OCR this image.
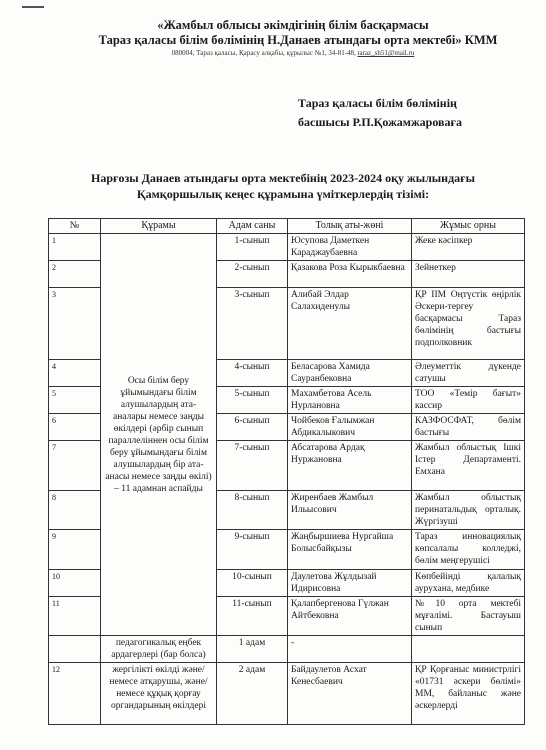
«Жамбыл облысы әкімдігінің білім басқармасы
Тараз қаласы білім бөлімінің Н.Данаев атындағы орта мектебі» КММ
080004, Тараз қаласы, Қарасу алқабы, құрылыс №1, 34-81-48, taraz_sh51@mail.ru
Тараз қаласы білім бөлімінің
басшысы Р.П.Қожамжароваға
Нарғозы Данаев атындағы орта мектебінің 2023-2024 оқу жылындағы
Қамқоршылық кеңес құрамына үміткерлердің тізімі:
№	Құрамы	Адам саны	Толық аты-жөні	Жұмыс орны
1	Осы білім беру ұйымындағы білім алушылардың ата-аналары немесе заңды өкілдері (әрбір сынып параллеліннен осы білім беру ұйымындағы білім алушылардың бір ата-анасы немесе заңды өкілі) – 11 адамнан аспайды	1-сынып	Юсупова Даметкен Караджаубаевна	Жеке кәсіпкер
2		2-сынып	Қазакова Роза Кырыкбаевна	Зейнеткер
3		3-сынып	Алибай Элдар Салахиденулы	ҚР ІІМ Оңтүстік өңірлік Әскери-тергеу басқармасы Тараз бөлімінің бастығы подполковник
4		4-сынып	Беласарова Хамида Сауранбековна	Әлеуметтік дүкенде сатушы
5		5-сынып	Махамбетова Асель Нурлановна	ТОО «Темір бағыт» кассир
6		6-сынып	Чойбеков Ғалымжан Абдикалыкович	КАЗФОСФАТ, бөлім бастығы
7		7-сынып	Абсатарова Ардақ Нуржановна	Жамбыл облыстық Ішкі Істер Департаменті. Емхана
8		8-сынып	Жиренбаев Жамбыл Ильысович	Жамбыл облыстық перинатальдық орталық. Жүргізуші
9		9-сынып	Жаңбыршиева Нургайша Болысбайқызы	Тараз инновациялық көпсалалы колледжі, бөлім меңгерушісі
10		10-сынып	Даулетова Жұлдызай Идирисовна	Көпбейінді қалалық аурухана, медбике
11		11-сынып	Қалапбергенова Гүлжан Айтбековна	№10 орта мектебі мұғалімі. Бастауыш сынып
	педагогикалық еңбек ардагерлері (бар болса)	1 адам	-	
12	жергілікті өкілді және/немесе атқарушы, және/немесе құқық қорғау органдарының өкілдері	2 адам	Байдаулетов Асхат Кенесбаевич	ҚР Қорғаныс министрлігі «01731 әскери бөлімі» ММ, байланыс және әскерлерді
